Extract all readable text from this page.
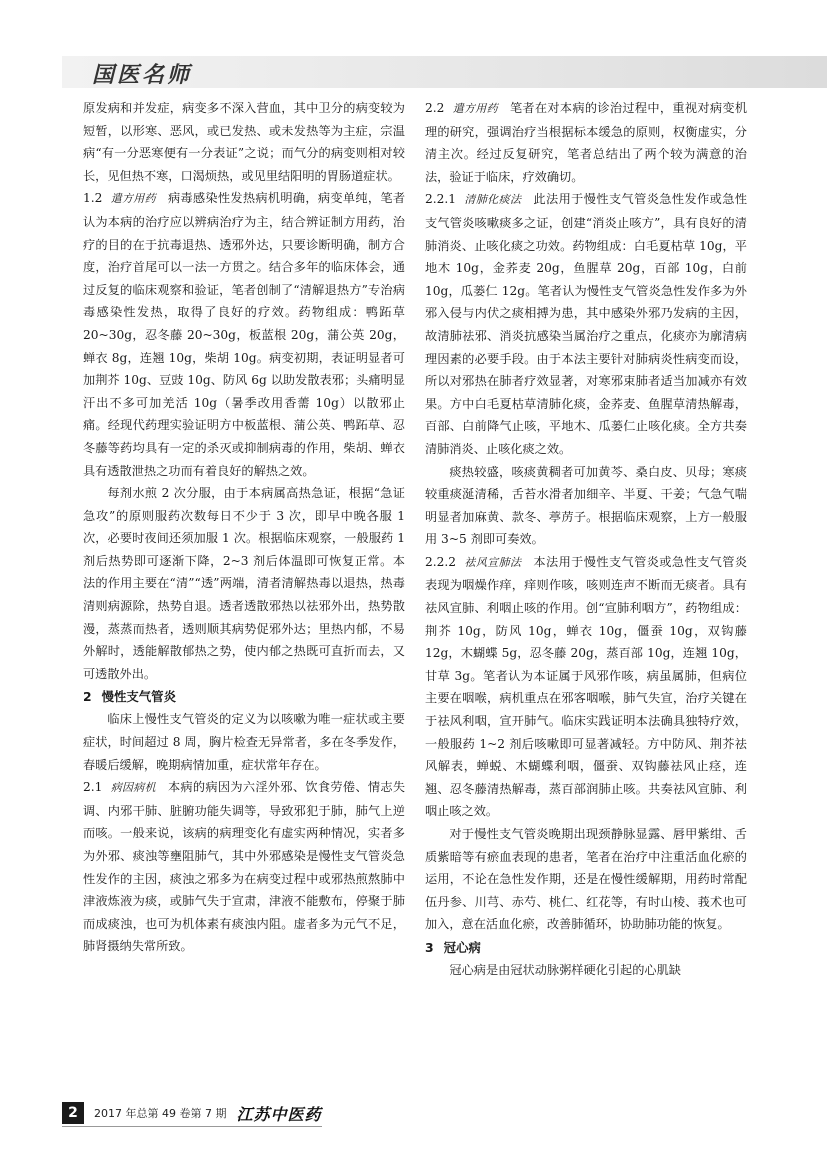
国医名师

原发病和并发症，病变多不深入营血，其中卫分的病变较为短暂，以形寒、恶风，或已发热、或未发热等为主症，宗温病“有一分恶寒便有一分表证”之说；而气分的病变则相对较长，见但热不寒，口渴烦热，或见里结阳明的胃肠道症状。

1.2 遣方用药 病毒感染性发热病机明确，病变单纯，笔者认为本病的治疗应以辨病治疗为主，结合辨证制方用药，治疗的目的在于抗毒退热、透邪外达，只要诊断明确，制方合度，治疗首尾可以一法一方贯之。结合多年的临床体会，通过反复的临床观察和验证，笔者创制了“清解退热方”专治病毒感染性发热，取得了良好的疗效。药物组成：鸭跖草 20~30g，忍冬藤 20~30g，板蓝根 20g，蒲公英 20g，蝉衣 8g，连翘 10g，柴胡 10g。病变初期，表证明显者可加荆芥 10g、豆豉 10g、防风 6g 以助发散表邪；头痛明显汗出不多可加羌活 10g（暑季改用香薷 10g）以散邪止痛。经现代药理实验证明方中板蓝根、蒲公英、鸭跖草、忍冬藤等药均具有一定的杀灭或抑制病毒的作用，柴胡、蝉衣具有透散泄热之功而有着良好的解热之效。

每剂水煎 2 次分服，由于本病属高热急证，根据“急证急攻”的原则服药次数每日不少于 3 次，即早中晚各服 1 次，必要时夜间还须加服 1 次。根据临床观察，一般服药 1 剂后热势即可逐渐下降，2~3 剂后体温即可恢复正常。本法的作用主要在“清”“透”两端，清者清解热毒以退热，热毒清则病源除，热势自退。透者透散邪热以祛邪外出，热势散漫，蒸蒸而热者，透则顺其病势促邪外达；里热内郁，不易外解时，透能解散郁热之势，使内郁之热既可直折而去，又可透散外出。

2 慢性支气管炎

临床上慢性支气管炎的定义为以咳嗽为唯一症状或主要症状，时间超过 8 周，胸片检查无异常者，多在冬季发作，春暖后缓解，晚期病情加重，症状常年存在。

2.1 病因病机 本病的病因为六淫外邪、饮食劳倦、情志失调、内邪干肺、脏腑功能失调等，导致邪犯于肺，肺气上逆而咳。一般来说，该病的病理变化有虚实两种情况，实者多为外邪、痰浊等壅阻肺气，其中外邪感染是慢性支气管炎急性发作的主因，痰浊之邪多为在病变过程中或邪热煎熬肺中津液炼液为痰，或肺气失于宣肃，津液不能敷布，停聚于肺而成痰浊，也可为机体素有痰浊内阻。虚者多为元气不足，肺肾摄纳失常所致。

2.2 遣方用药 笔者在对本病的诊治过程中，重视对病变机理的研究，强调治疗当根据标本缓急的原则，权衡虚实，分清主次。经过反复研究，笔者总结出了两个较为满意的治法，验证于临床，疗效确切。

2.2.1 清肺化痰法 此法用于慢性支气管炎急性发作或急性支气管炎咳嗽痰多之证，创建“消炎止咳方”，具有良好的清肺消炎、止咳化痰之功效。药物组成：白毛夏枯草 10g，平地木 10g，金荞麦 20g，鱼腥草 20g，百部 10g，白前 10g，瓜蒌仁 12g。笔者认为慢性支气管炎急性发作多为外邪入侵与内伏之痰相搏为患，其中感染外邪乃发病的主因，故清肺祛邪、消炎抗感染当属治疗之重点，化痰亦为廓清病理因素的必要手段。由于本法主要针对肺病炎性病变而设，所以对邪热在肺者疗效显著，对寒邪束肺者适当加减亦有效果。方中白毛夏枯草清肺化痰，金荞麦、鱼腥草清热解毒，百部、白前降气止咳，平地木、瓜蒌仁止咳化痰。全方共奏清肺消炎、止咳化痰之效。

痰热较盛，咳痰黄稠者可加黄芩、桑白皮、贝母；寒痰较重痰涎清稀，舌苔水滑者加细辛、半夏、干姜；气急气喘明显者加麻黄、款冬、葶苈子。根据临床观察，上方一般服用 3~5 剂即可奏效。

2.2.2 祛风宣肺法 本法用于慢性支气管炎或急性支气管炎表现为咽燥作痒，痒则作咳，咳则连声不断而无痰者。具有祛风宣肺、利咽止咳的作用。创“宣肺利咽方”，药物组成：荆芥 10g，防风 10g，蝉衣 10g，僵蚕 10g，双钩藤 12g，木蝴蝶 5g，忍冬藤 20g，蒸百部 10g，连翘 10g，甘草 3g。笔者认为本证属于风邪作咳，病虽属肺，但病位主要在咽喉，病机重点在邪客咽喉，肺气失宣，治疗关键在于祛风利咽，宣开肺气。临床实践证明本法确具独特疗效，一般服药 1~2 剂后咳嗽即可显著减轻。方中防风、荆芥祛风解表，蝉蜕、木蝴蝶利咽，僵蚕、双钩藤祛风止痉，连翘、忍冬藤清热解毒，蒸百部润肺止咳。共奏祛风宣肺、利咽止咳之效。

对于慢性支气管炎晚期出现颈静脉显露、唇甲紫绀、舌质紫暗等有瘀血表现的患者，笔者在治疗中注重活血化瘀的运用，不论在急性发作期，还是在慢性缓解期，用药时常配伍丹参、川芎、赤芍、桃仁、红花等，有时山棱、莪术也可加入，意在活血化瘀，改善肺循环，协助肺功能的恢复。

3 冠心病

冠心病是由冠状动脉粥样硬化引起的心肌缺

2	2017 年总第 49 卷第 7 期 江苏中医药
